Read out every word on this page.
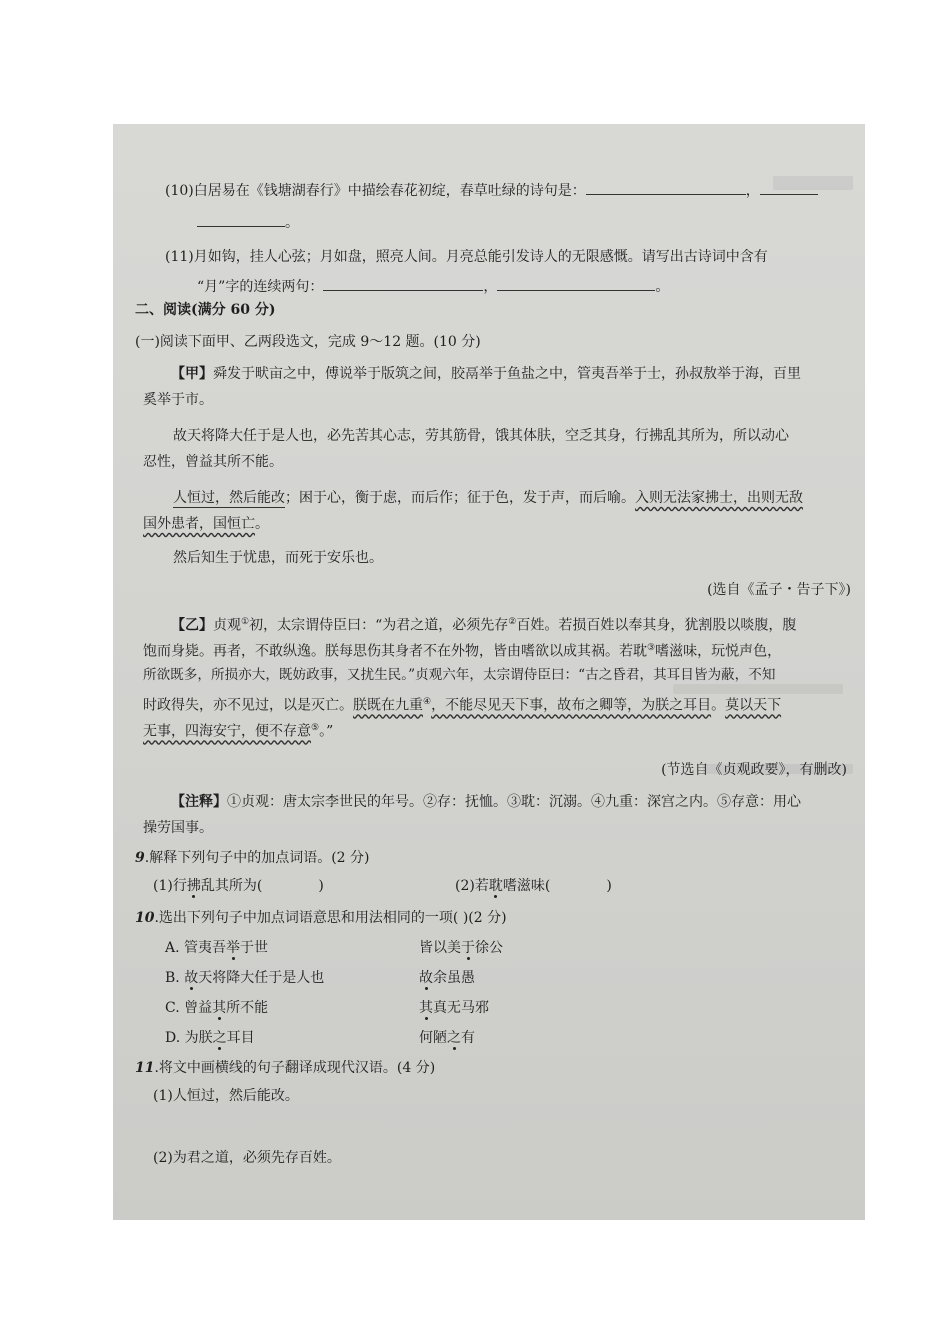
(10)白居易在《钱塘湖春行》中描绘春花初绽，春草吐绿的诗句是：	，
。
(11)月如钩，挂人心弦；月如盘，照亮人间。月亮总能引发诗人的无限感慨。请写出古诗词中含有
“月”字的连续两句：	，	。
二、阅读(满分 60 分)
(一)阅读下面甲、乙两段选文，完成 9～12 题。(10 分)
【甲】舜发于畎亩之中，傅说举于版筑之间，胶鬲举于鱼盐之中，管夷吾举于士，孙叔敖举于海，百里
奚举于市。
故天将降大任于是人也，必先苦其心志，劳其筋骨，饿其体肤，空乏其身，行拂乱其所为，所以动心
忍性，曾益其所不能。
人恒过，然后能改；困于心，衡于虑，而后作；征于色，发于声，而后喻。入则无法家拂士，出则无敌
国外患者，国恒亡。
然后知生于忧患，而死于安乐也。
(选自《孟子・告子下》)
【乙】贞观①初，太宗谓侍臣曰：“为君之道，必须先存②百姓。若损百姓以奉其身，犹割股以啖腹，腹
饱而身毙。再者，不敢纵逸。朕每思伤其身者不在外物，皆由嗜欲以成其祸。若耽③嗜滋味，玩悦声色，
所欲既多，所损亦大，既妨政事，又扰生民。”贞观六年，太宗谓侍臣曰：“古之昏君，其耳目皆为蔽，不知
时政得失，亦不见过，以是灭亡。朕既在九重④，不能尽见天下事，故布之卿等，为朕之耳目。莫以天下
无事，四海安宁，便不存意⑤。”
(节选自《贞观政要》，有删改)
【注释】①贞观：唐太宗李世民的年号。②存：抚恤。③耽：沉溺。④九重：深宫之内。⑤存意：用心
操劳国事。
9.解释下列句子中的加点词语。(2 分)
(1)行拂乱其所为(	)	(2)若耽嗜滋味(	)
10.选出下列句子中加点词语意思和用法相同的一项( )(2 分)
A. 管夷吾举于世	皆以美于徐公
B. 故天将降大任于是人也	故余虽愚
C. 曾益其所不能	其真无马邪
D. 为朕之耳目	何陋之有
11.将文中画横线的句子翻译成现代汉语。(4 分)
(1)人恒过，然后能改。
(2)为君之道，必须先存百姓。
